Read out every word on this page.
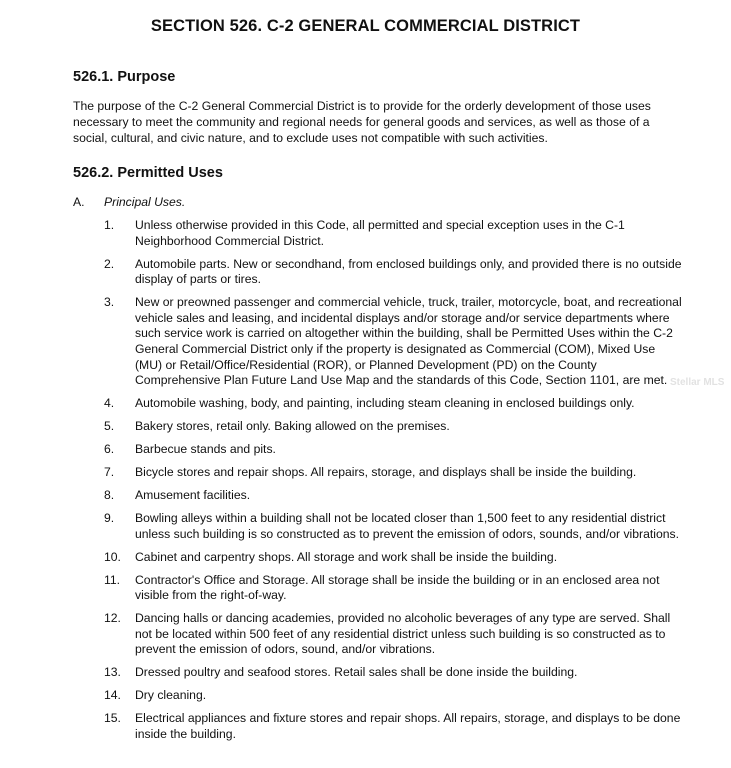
SECTION 526. C-2 GENERAL COMMERCIAL DISTRICT
526.1. Purpose
The purpose of the C-2 General Commercial District is to provide for the orderly development of those uses necessary to meet the community and regional needs for general goods and services, as well as those of a social, cultural, and civic nature, and to exclude uses not compatible with such activities.
526.2. Permitted Uses
A. Principal Uses.
1.	Unless otherwise provided in this Code, all permitted and special exception uses in the C-1 Neighborhood Commercial District.
2.	Automobile parts. New or secondhand, from enclosed buildings only, and provided there is no outside display of parts or tires.
3.	New or preowned passenger and commercial vehicle, truck, trailer, motorcycle, boat, and recreational vehicle sales and leasing, and incidental displays and/or storage and/or service departments where such service work is carried on altogether within the building, shall be Permitted Uses within the C-2 General Commercial District only if the property is designated as Commercial (COM), Mixed Use (MU) or Retail/Office/Residential (ROR), or Planned Development (PD) on the County Comprehensive Plan Future Land Use Map and the standards of this Code, Section 1101, are met.
4.	Automobile washing, body, and painting, including steam cleaning in enclosed buildings only.
5.	Bakery stores, retail only. Baking allowed on the premises.
6.	Barbecue stands and pits.
7.	Bicycle stores and repair shops. All repairs, storage, and displays shall be inside the building.
8.	Amusement facilities.
9.	Bowling alleys within a building shall not be located closer than 1,500 feet to any residential district unless such building is so constructed as to prevent the emission of odors, sounds, and/or vibrations.
10.	Cabinet and carpentry shops. All storage and work shall be inside the building.
11.	Contractor's Office and Storage. All storage shall be inside the building or in an enclosed area not visible from the right-of-way.
12.	Dancing halls or dancing academies, provided no alcoholic beverages of any type are served. Shall not be located within 500 feet of any residential district unless such building is so constructed as to prevent the emission of odors, sound, and/or vibrations.
13.	Dressed poultry and seafood stores. Retail sales shall be done inside the building.
14.	Dry cleaning.
15.	Electrical appliances and fixture stores and repair shops. All repairs, storage, and displays to be done inside the building.
Stellar MLS
